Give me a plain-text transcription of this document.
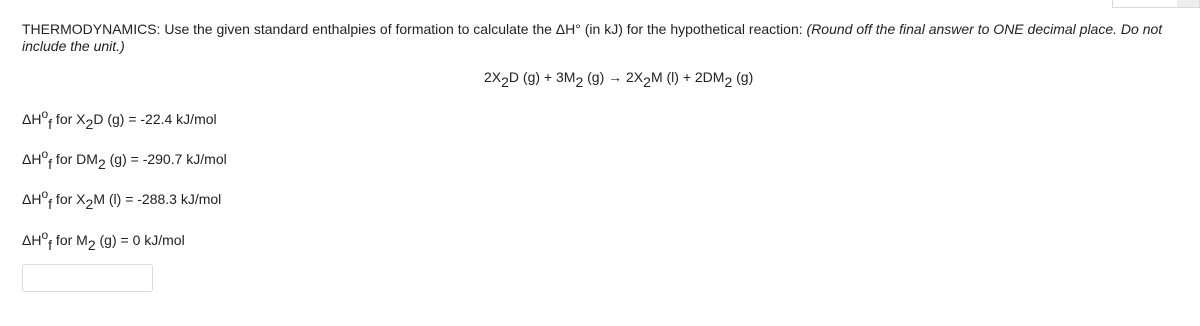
THERMODYNAMICS: Use the given standard enthalpies of formation to calculate the ΔH° (in kJ) for the hypothetical reaction: (Round off the final answer to ONE decimal place. Do not include the unit.)
$2X_2D$ $(g) + 3M_2$ $(g) \to 2X_2M$ $(l) + 2DM_2$ (g)
$\Delta H^o_f$ for $X_2D$ (g) = -22.4 kJ/mol
$\Delta H^o_f$ for $DM_2$ (g) = -290.7 kJ/mol
$\Delta H^o_f$ for $X_2M$ (l) = -288.3 kJ/mol
$\Delta H^o_f$ for $M_2$ (g) = 0 kJ/mol
